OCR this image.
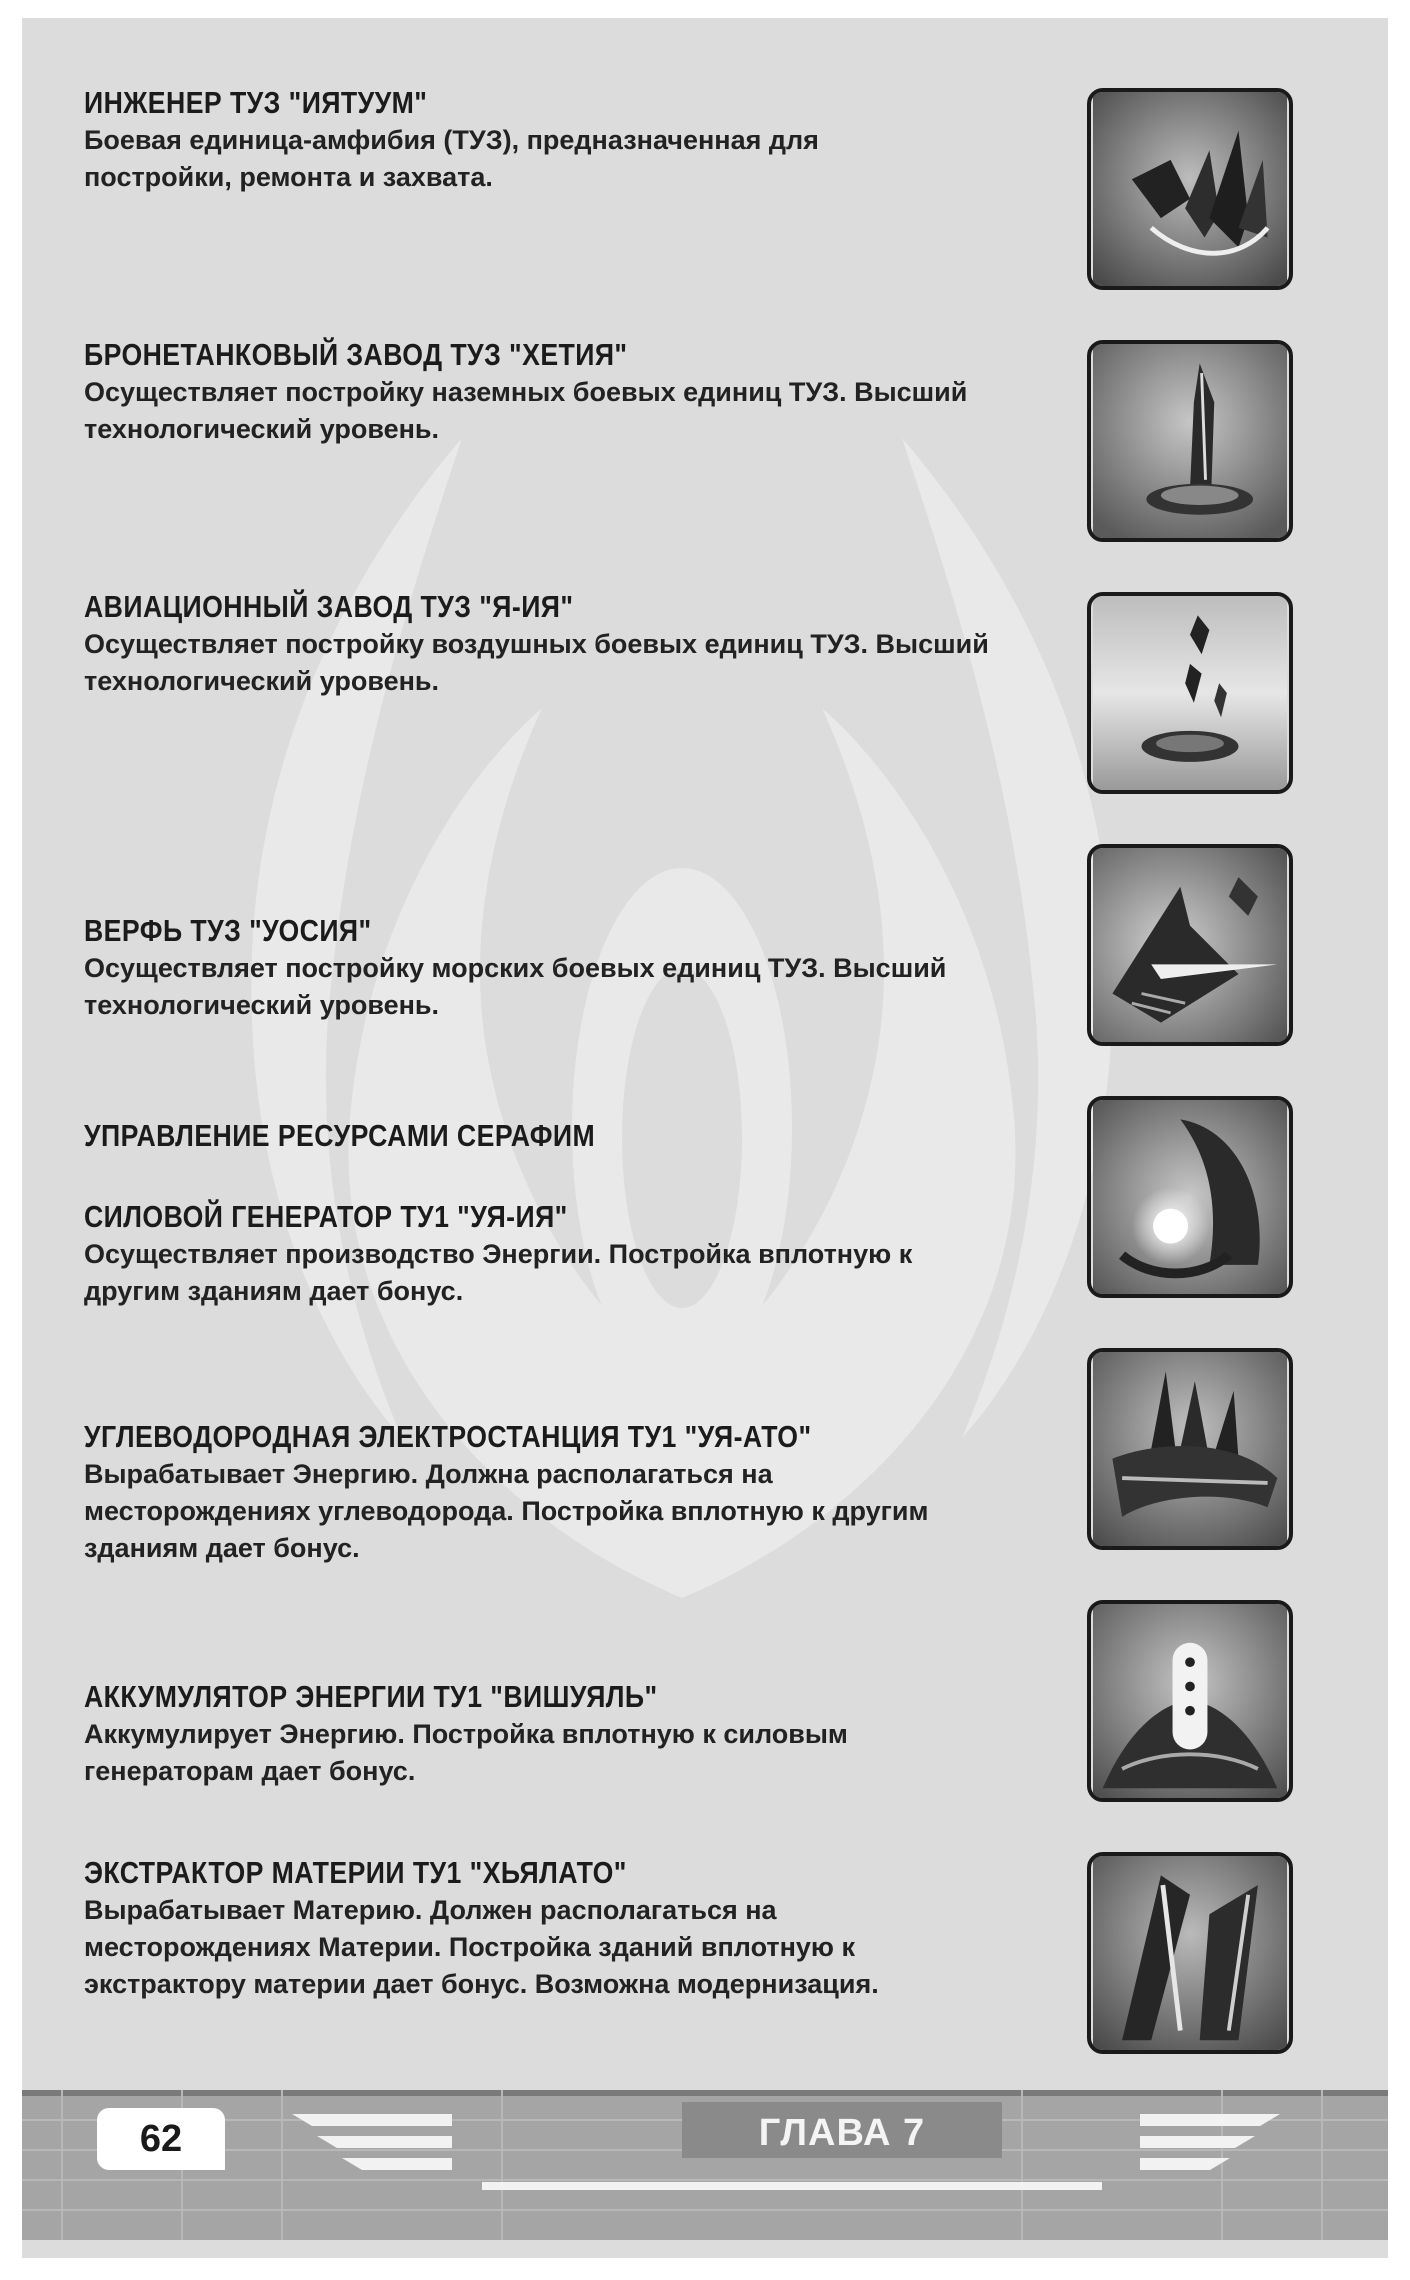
ИНЖЕНЕР ТУЗ "ИЯТУУМ"
Боевая единица-амфибия (ТУЗ), предназначенная для
постройки, ремонта и захвата.
БРОНЕТАНКОВЫЙ ЗАВОД ТУЗ "ХЕТИЯ"
Осуществляет постройку наземных боевых единиц ТУЗ. Высший
технологический уровень.
АВИАЦИОННЫЙ ЗАВОД ТУЗ "Я-ИЯ"
Осуществляет постройку воздушных боевых единиц ТУЗ. Высший
технологический уровень.
ВЕРФЬ ТУЗ "УОСИЯ"
Осуществляет постройку морских боевых единиц ТУЗ. Высший
технологический уровень.
УПРАВЛЕНИЕ РЕСУРСАМИ СЕРАФИМ
СИЛОВОЙ ГЕНЕРАТОР ТУ1 "УЯ-ИЯ"
Осуществляет производство Энергии. Постройка вплотную к
другим зданиям дает бонус.
УГЛЕВОДОРОДНАЯ ЭЛЕКТРОСТАНЦИЯ ТУ1 "УЯ-АТО"
Вырабатывает Энергию. Должна располагаться на
месторождениях углеводорода. Постройка вплотную к другим
зданиям дает бонус.
АККУМУЛЯТОР ЭНЕРГИИ ТУ1 "ВИШУЯЛЬ"
Аккумулирует Энергию. Постройка вплотную к силовым
генераторам дает бонус.
ЭКСТРАКТОР МАТЕРИИ ТУ1 "ХЬЯЛАТО"
Вырабатывает Материю. Должен располагаться на
месторождениях Материи. Постройка зданий вплотную к
экстрактору материи дает бонус. Возможна модернизация.
62	ГЛАВА 7
